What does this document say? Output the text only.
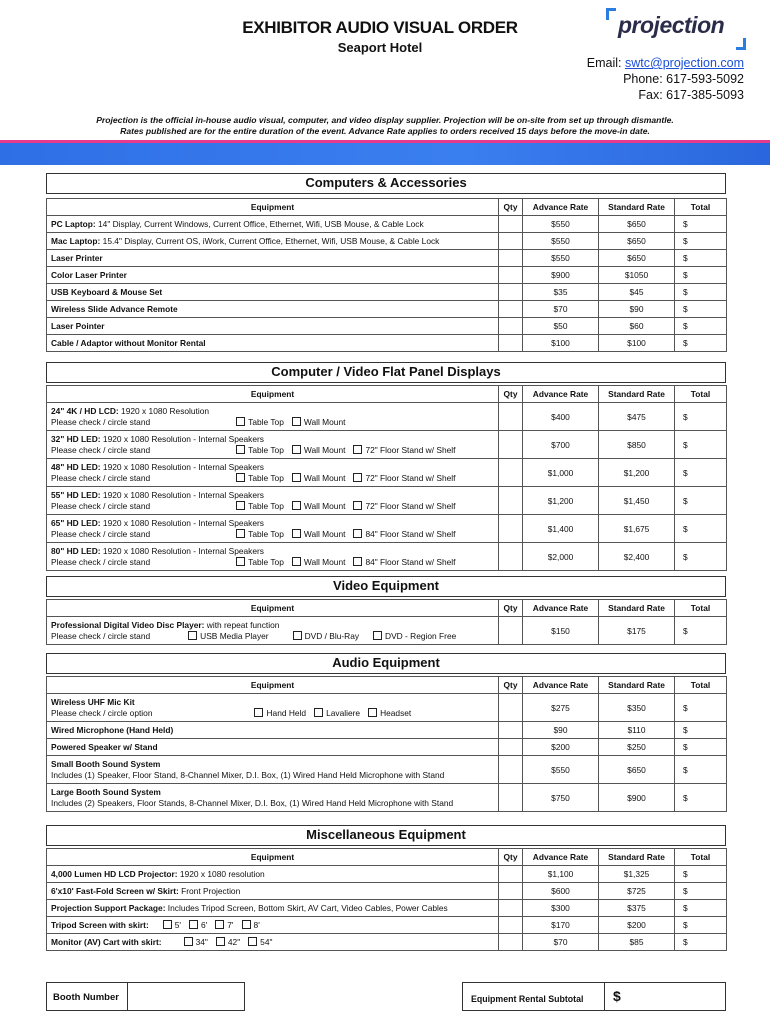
EXHIBITOR AUDIO VISUAL ORDER
Seaport Hotel
projection
Email: swtc@projection.com
Phone: 617-593-5092
Fax: 617-385-5093
Projection is the official in-house audio visual, computer, and video display supplier. Projection will be on-site from set up through dismantle.
Rates published are for the entire duration of the event. Advance Rate applies to orders received 15 days before the move-in date.
Computers & Accessories
Equipment	Qty	Advance Rate	Standard Rate	Total
PC Laptop: 14" Display, Current Windows, Current Office, Ethernet, Wifi, USB Mouse, & Cable Lock		$550	$650	$
Mac Laptop: 15.4" Display, Current OS, iWork, Current Office, Ethernet, Wifi, USB Mouse, & Cable Lock		$550	$650	$
Laser Printer		$550	$650	$
Color Laser Printer		$900	$1050	$
USB Keyboard & Mouse Set		$35	$45	$
Wireless Slide Advance Remote		$70	$90	$
Laser Pointer		$50	$60	$
Cable / Adaptor without Monitor Rental		$100	$100	$
Computer / Video Flat Panel Displays
Equipment	Qty	Advance Rate	Standard Rate	Total

24" 4K / HD LCD: 1920 x 1080 Resolution
Please check / circle stand Table Top Wall Mount		$400	$475	$

32" HD LED: 1920 x 1080 Resolution - Internal Speakers
Please check / circle stand Table Top Wall Mount 72" Floor Stand w/ Shelf		$700	$850	$

48" HD LED: 1920 x 1080 Resolution - Internal Speakers
Please check / circle stand Table Top Wall Mount 72" Floor Stand w/ Shelf		$1,000	$1,200	$

55" HD LED: 1920 x 1080 Resolution - Internal Speakers
Please check / circle stand Table Top Wall Mount 72" Floor Stand w/ Shelf		$1,200	$1,450	$

65" HD LED: 1920 x 1080 Resolution - Internal Speakers
Please check / circle stand Table Top Wall Mount 84" Floor Stand w/ Shelf		$1,400	$1,675	$

80" HD LED: 1920 x 1080 Resolution - Internal Speakers
Please check / circle stand Table Top Wall Mount 84" Floor Stand w/ Shelf		$2,000	$2,400	$
Video Equipment
Equipment	Qty	Advance Rate	Standard Rate	Total

Professional Digital Video Disc Player: with repeat function
Please check / circle stand USB Media Player DVD / Blu-Ray DVD - Region Free		$150	$175	$
Audio Equipment
Equipment	Qty	Advance Rate	Standard Rate	Total

Wireless UHF Mic Kit
Please check / circle option Hand Held Lavaliere Headset		$275	$350	$
Wired Microphone (Hand Held)		$90	$110	$
Powered Speaker w/ Stand		$200	$250	$

Small Booth Sound System
Includes (1) Speaker, Floor Stand, 8-Channel Mixer, D.I. Box, (1) Wired Hand Held Microphone with Stand		$550	$650	$

Large Booth Sound System
Includes (2) Speakers, Floor Stands, 8-Channel Mixer, D.I. Box, (1) Wired Hand Held Microphone with Stand		$750	$900	$
Miscellaneous Equipment
Equipment	Qty	Advance Rate	Standard Rate	Total
4,000 Lumen HD LCD Projector: 1920 x 1080 resolution		$1,100	$1,325	$
6'x10' Fast-Fold Screen w/ Skirt: Front Projection		$600	$725	$
Projection Support Package: Includes Tripod Screen, Bottom Skirt, AV Cart, Video Cables, Power Cables		$300	$375	$
Tripod Screen with skirt: 5' 6' 7' 8'		$170	$200	$
Monitor (AV) Cart with skirt: 34" 42" 54"		$70	$85	$
Booth Number	Equipment Rental Subtotal $
